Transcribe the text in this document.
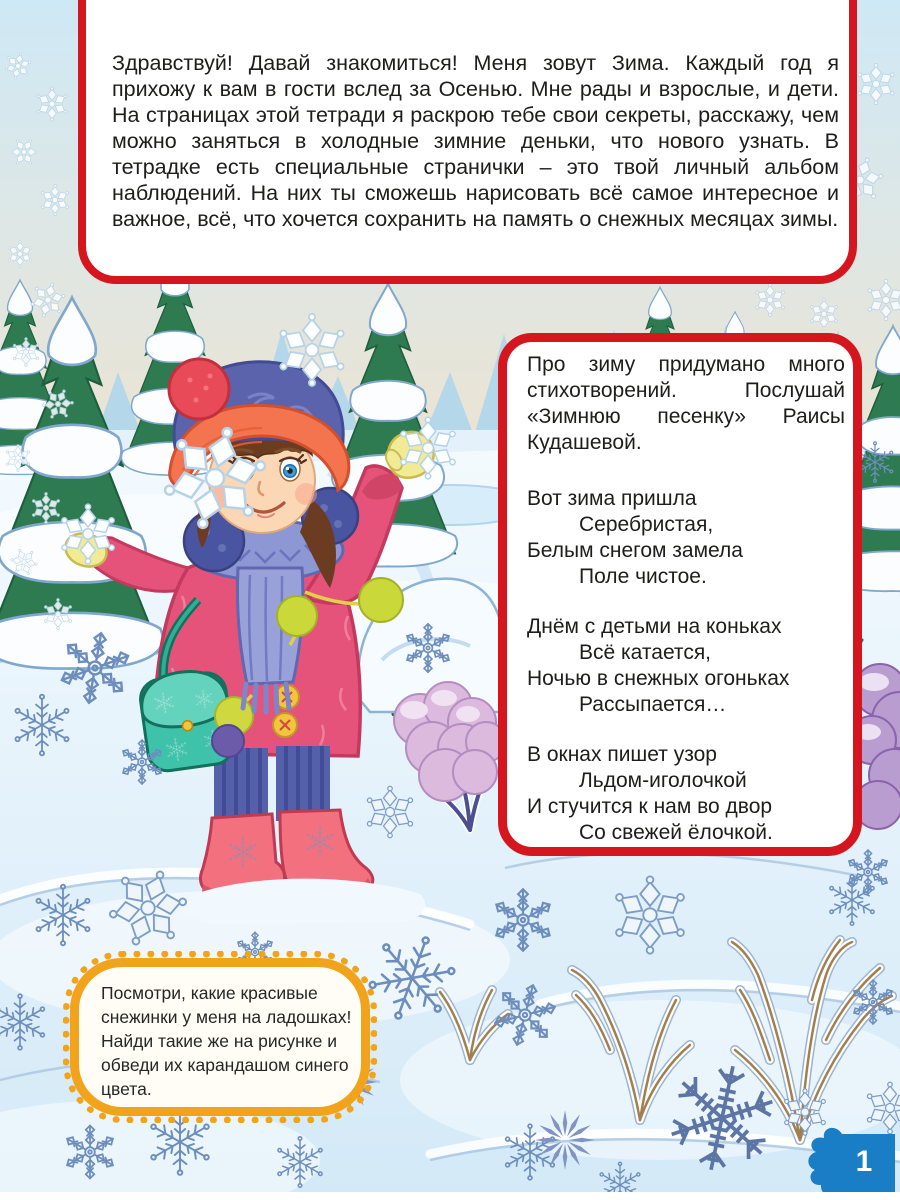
Здравствуй! Давай знакомиться! Меня зовут Зима. Каждый год я прихожу к вам в гости вслед за Осенью. Мне рады и взрослые, и дети. На страницах этой тетради я раскрою тебе свои секреты, расскажу, чем можно заняться в холодные зимние деньки, что нового узнать. В тетрадке есть специальные странички – это твой личный альбом наблюдений. На них ты сможешь нарисовать всё самое интересное и важное, всё, что хочется сохранить на память о снежных месяцах зимы.

Про зиму придумано много стихотворений. Послушай «Зимнюю песенку» Раисы Кудашевой.

Вот зима пришла

Серебристая,

Белым снегом замела

Поле чистое.

Днём с детьми на коньках

Всё катается,

Ночью в снежных огоньках

Рассыпается…

В окнах пишет узор

Льдом-иголочкой

И стучится к нам во двор

Со свежей ёлочкой.

Посмотри, какие красивые снежинки у меня на ладошках! Найди такие же на рисунке и обведи их карандашом синего цвета.

1
